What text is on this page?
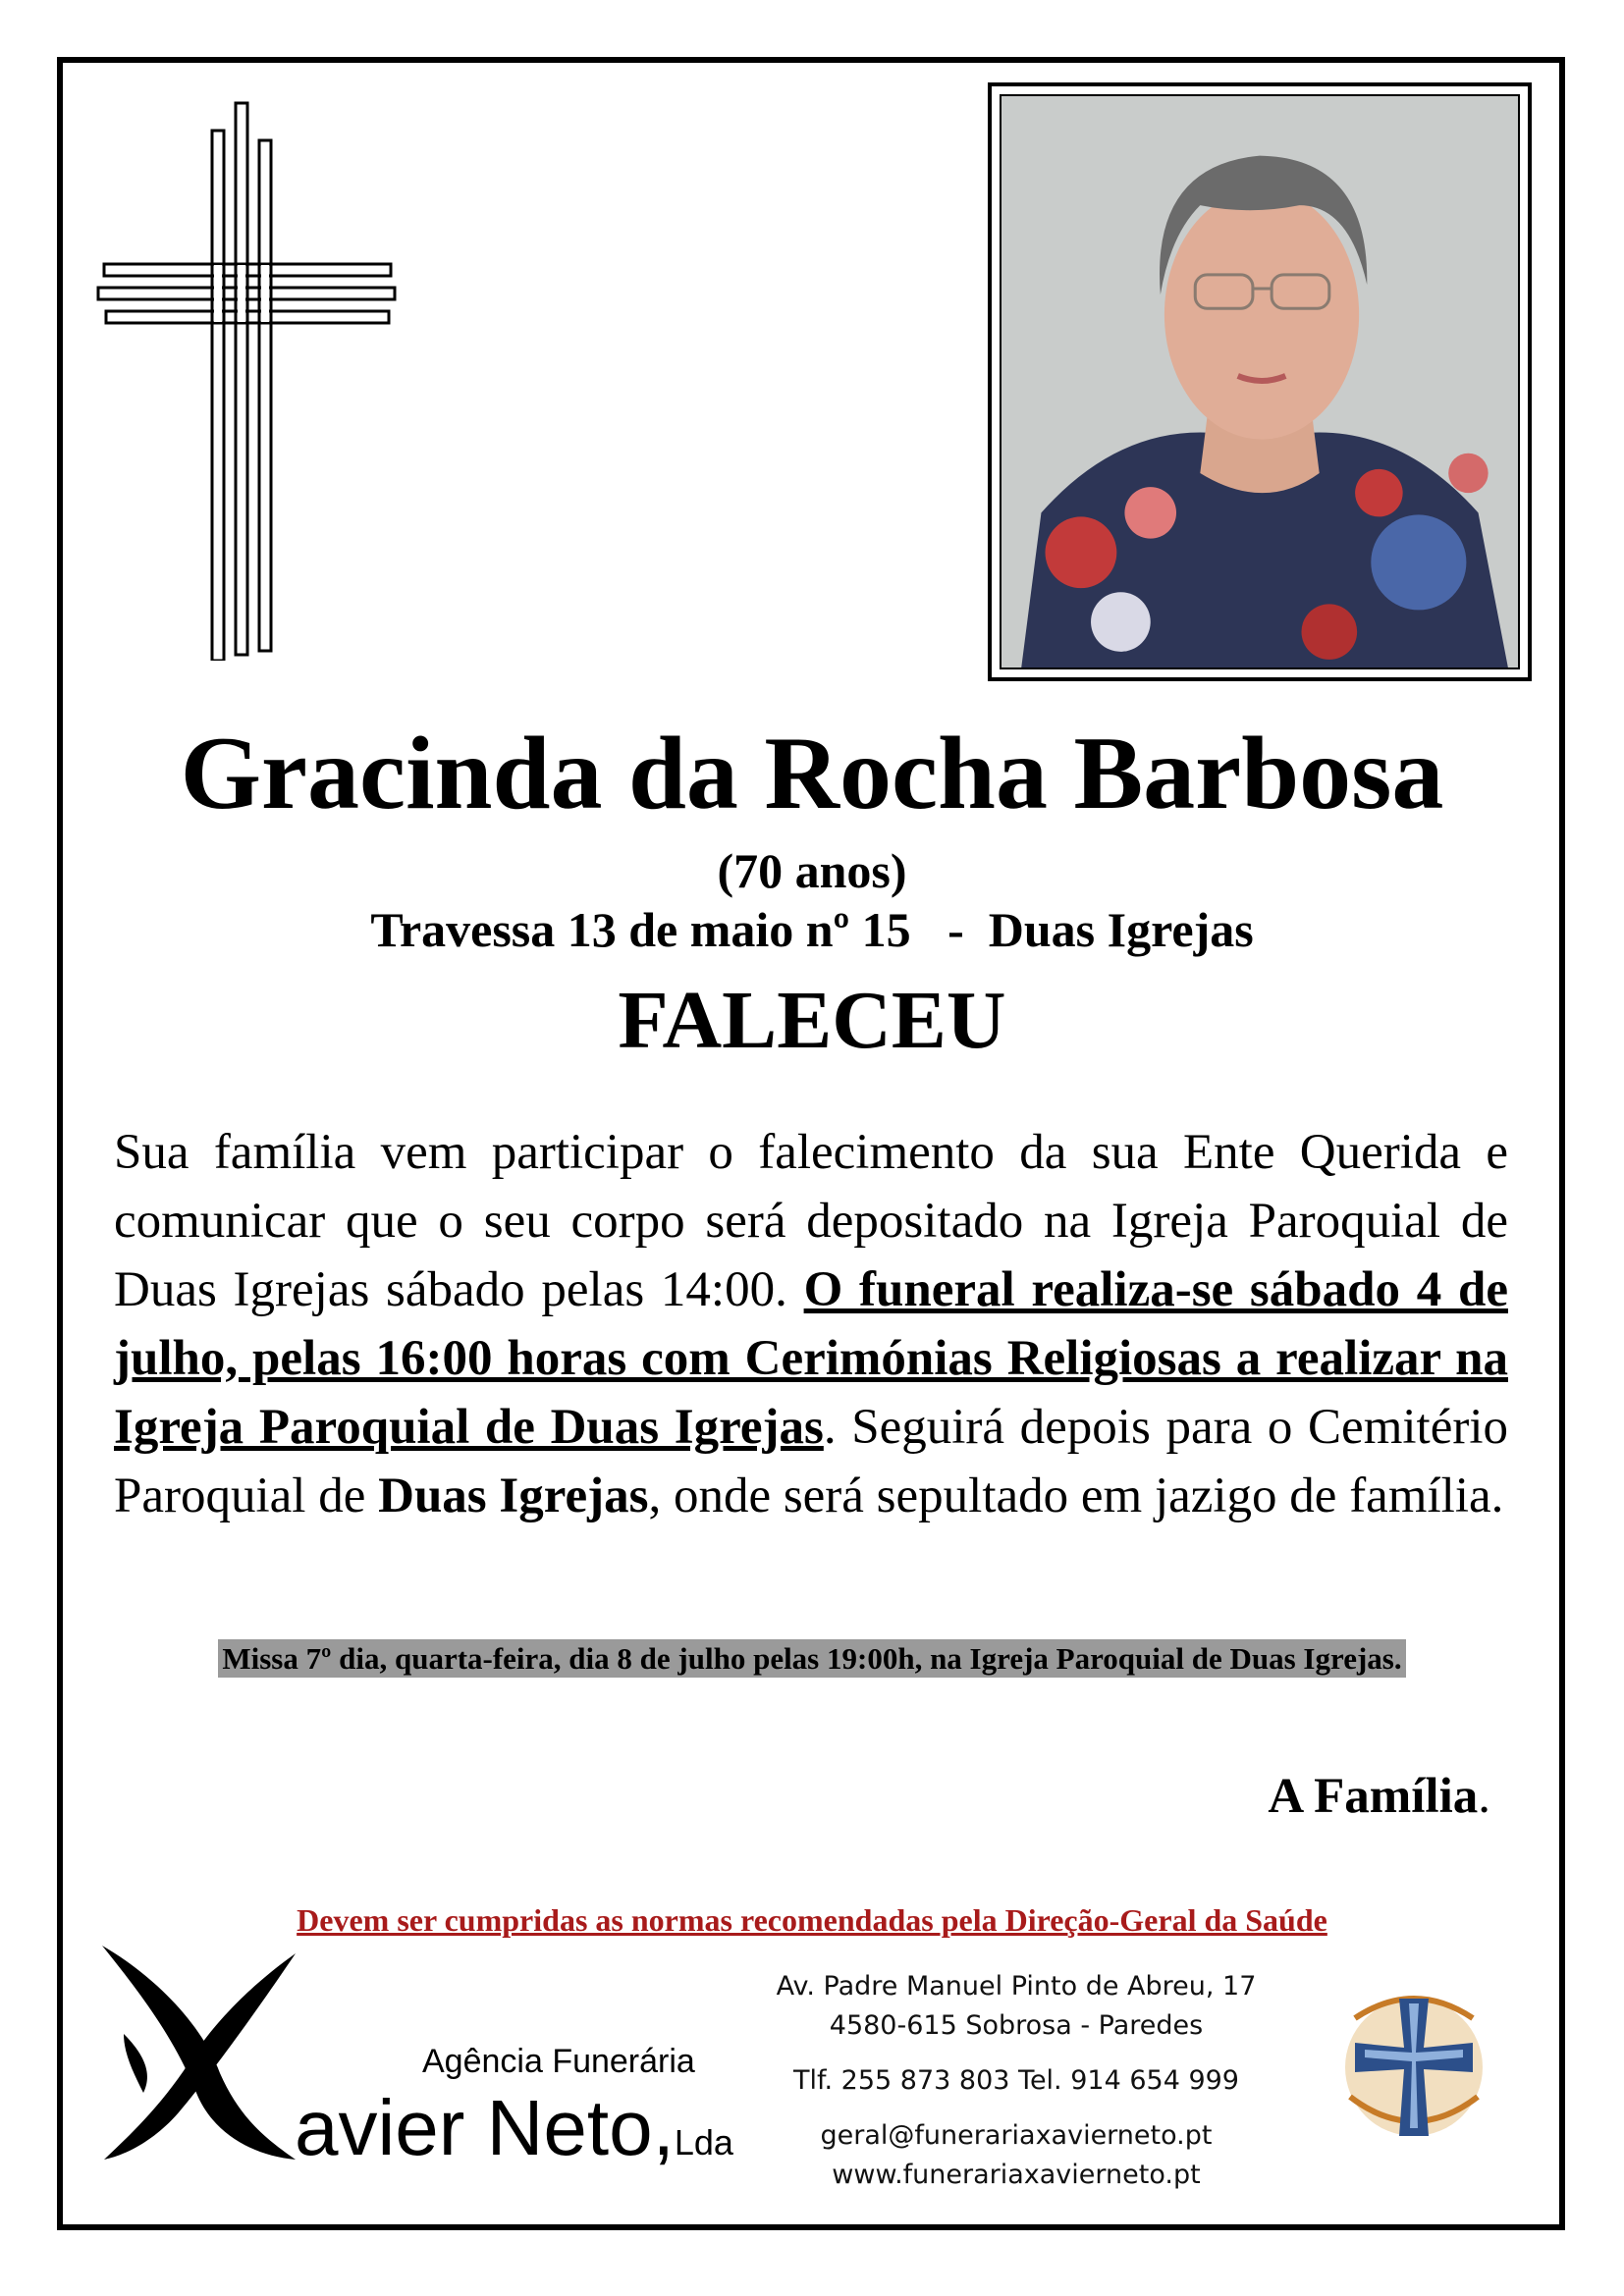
Gracinda da Rocha Barbosa
(70 anos)
Travessa 13 de maio nº 15   -  Duas Igrejas
FALECEU

Sua família vem participar o falecimento da sua Ente Querida e comunicar que o seu corpo será depositado na Igreja Paroquial de Duas Igrejas sábado pelas 14:00. O funeral realiza-se sábado 4 de julho, pelas 16:00 horas com Cerimónias Religiosas a realizar na Igreja Paroquial de Duas Igrejas. Seguirá depois para o Cemitério Paroquial de Duas Igrejas, onde será sepultado em jazigo de família.

Missa 7º dia, quarta-feira, dia 8 de julho pelas 19:00h, na Igreja Paroquial de Duas Igrejas.
A Família.
Devem ser cumpridas as normas recomendadas pela Direção-Geral da Saúde
Agência Funerária
avier Neto,Lda
Av. Padre Manuel Pinto de Abreu, 17
4580-615 Sobrosa - Paredes
Tlf. 255 873 803 Tel. 914 654 999
geral@funerariaxavierneto.pt
www.funerariaxavierneto.pt
